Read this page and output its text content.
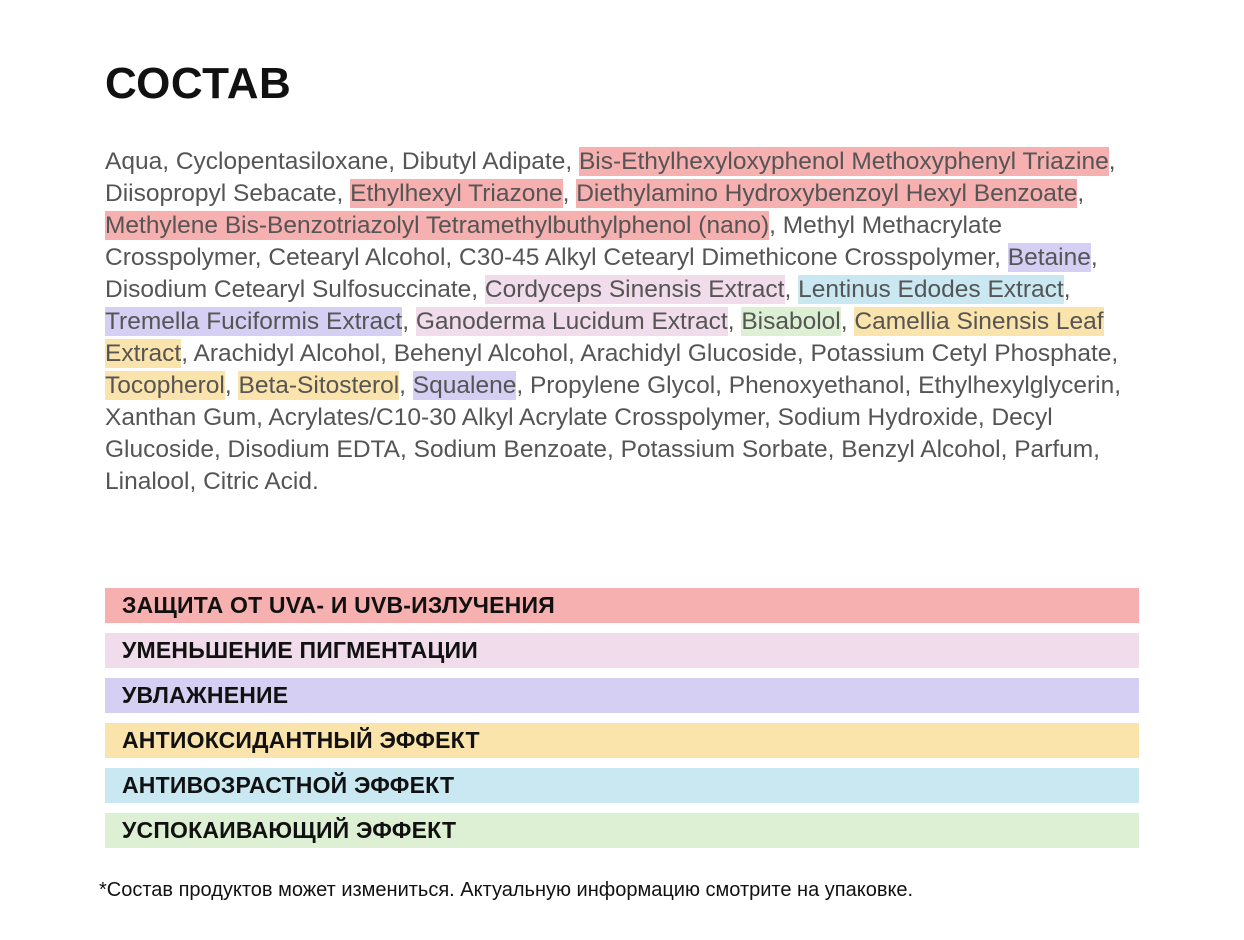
СОСТАВ

Aqua, Cyclopentasiloxane, Dibutyl Adipate, Bis-Ethylhexyloxyphenol Methoxyphenyl Triazine, Diisopropyl Sebacate, Ethylhexyl Triazone, Diethylamino Hydroxybenzoyl Hexyl Benzoate, Methylene Bis-Benzotriazolyl Tetramethylbuthylphenol (nano), Methyl Methacrylate Crosspolymer, Cetearyl Alcohol, C30-45 Alkyl Cetearyl Dimethicone Crosspolymer, Betaine, Disodium Cetearyl Sulfosuccinate, Cordyceps Sinensis Extract, Lentinus Edodes Extract, Tremella Fuciformis Extract, Ganoderma Lucidum Extract, Bisabolol, Camellia Sinensis Leaf Extract, Arachidyl Alcohol, Behenyl Alcohol, Arachidyl Glucoside, Potassium Cetyl Phosphate, Tocopherol, Beta-Sitosterol, Squalene, Propylene Glycol, Phenoxyethanol, Ethylhexylglycerin, Xanthan Gum, Acrylates/C10-30 Alkyl Acrylate Crosspolymer, Sodium Hydroxide, Decyl Glucoside, Disodium EDTA, Sodium Benzoate, Potassium Sorbate, Benzyl Alcohol, Parfum, Linalool, Citric Acid.

ЗАЩИТА ОТ UVA- И UVB-ИЗЛУЧЕНИЯ
УМЕНЬШЕНИЕ ПИГМЕНТАЦИИ
УВЛАЖНЕНИЕ
АНТИОКСИДАНТНЫЙ ЭФФЕКТ
АНТИВОЗРАСТНОЙ ЭФФЕКТ
УСПОКАИВАЮЩИЙ ЭФФЕКТ

*Состав продуктов может измениться. Актуальную информацию смотрите на упаковке.
